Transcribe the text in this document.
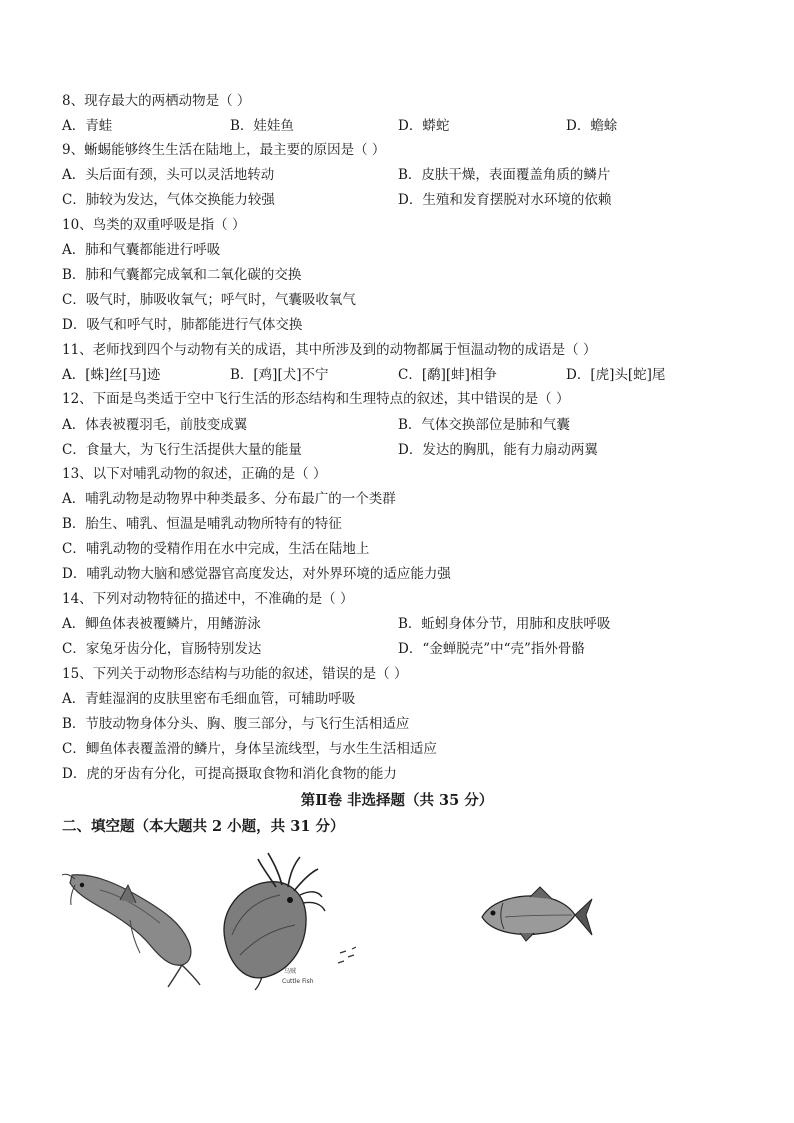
8、现存最大的两栖动物是（ ）
A．青蛙	B．娃娃鱼	D．蟒蛇	D．蟾蜍
9、蜥蜴能够终生生活在陆地上，最主要的原因是（ ）
A．头后面有颈，头可以灵活地转动	B．皮肤干燥，表面覆盖角质的鳞片
C．肺较为发达，气体交换能力较强	D．生殖和发育摆脱对水环境的依赖
10、鸟类的双重呼吸是指（ ）
A．肺和气囊都能进行呼吸
B．肺和气囊都完成氧和二氧化碳的交换
C．吸气时，肺吸收氧气；呼气时，气囊吸收氧气
D．吸气和呼气时，肺都能进行气体交换
11、老师找到四个与动物有关的成语，其中所涉及到的动物都属于恒温动物的成语是（ ）
A．[蛛]丝[马]迹	B．[鸡][犬]不宁	C．[鹬][蚌]相争	D．[虎]头[蛇]尾
12、下面是鸟类适于空中飞行生活的形态结构和生理特点的叙述，其中错误的是（ ）
A．体表被覆羽毛，前肢变成翼	B．气体交换部位是肺和气囊
C．食量大，为飞行生活提供大量的能量	D．发达的胸肌，能有力扇动两翼
13、以下对哺乳动物的叙述，正确的是（ ）
A．哺乳动物是动物界中种类最多、分布最广的一个类群
B．胎生、哺乳、恒温是哺乳动物所特有的特征
C．哺乳动物的受精作用在水中完成，生活在陆地上
D．哺乳动物大脑和感觉器官高度发达，对外界环境的适应能力强
14、下列对动物特征的描述中，不准确的是（ ）
A．鲫鱼体表被覆鳞片，用鳍游泳	B．蚯蚓身体分节，用肺和皮肤呼吸
C．家兔牙齿分化，盲肠特别发达	D．“金蝉脱壳”中“壳”指外骨骼
15、下列关于动物形态结构与功能的叙述，错误的是（ ）
A．青蛙湿润的皮肤里密布毛细血管，可辅助呼吸
B．节肢动物身体分头、胸、腹三部分，与飞行生活相适应
C．鲫鱼体表覆盖滑的鳞片，身体呈流线型，与水生生活相适应
D．虎的牙齿有分化，可提高摄取食物和消化食物的能力
第Ⅱ卷 非选择题（共 35 分）
二、填空题（本大题共 2 小题，共 31 分）
乌贼
Cuttle Fish
